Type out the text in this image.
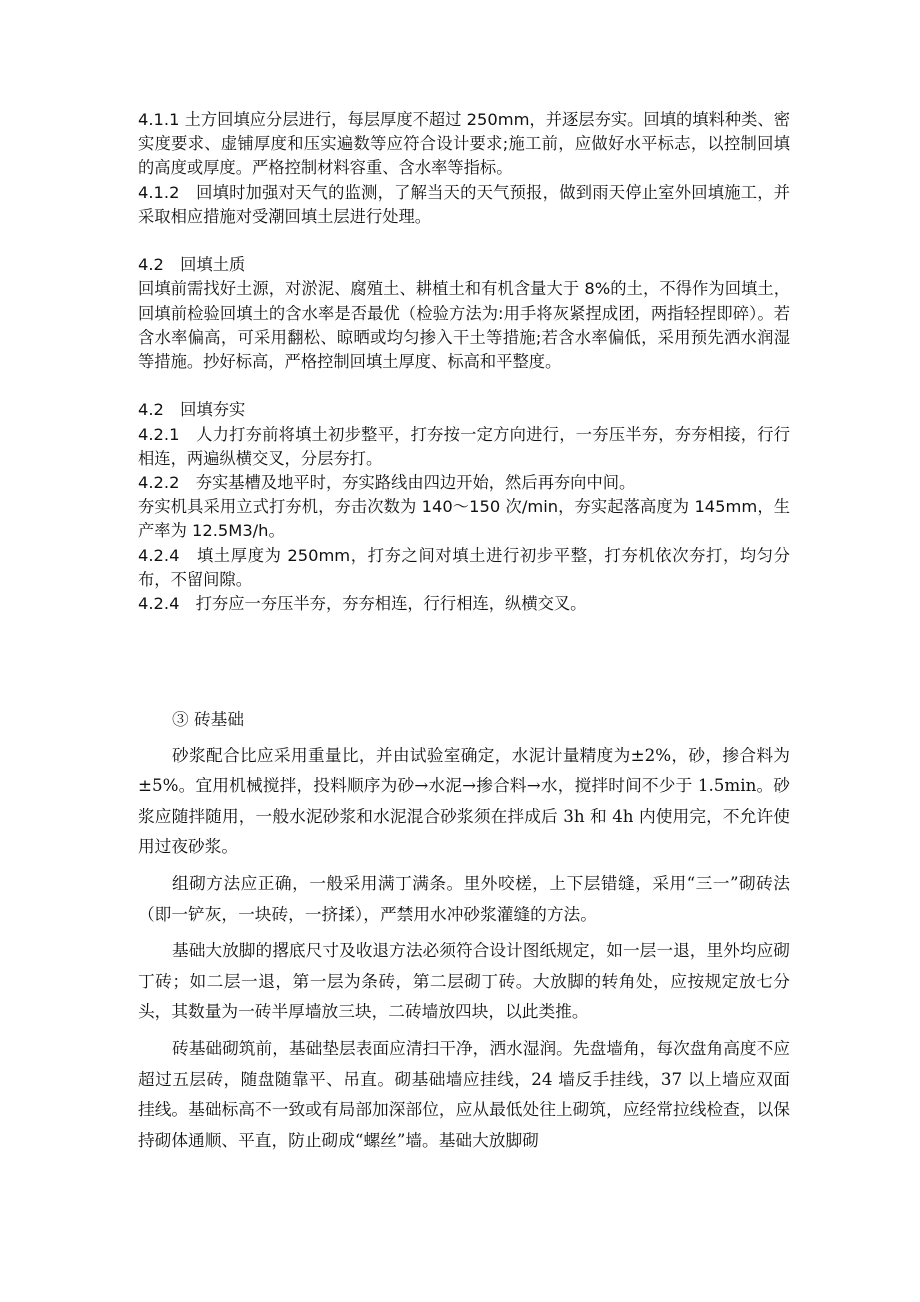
4.1.1 土方回填应分层进行，每层厚度不超过 250mm，并逐层夯实。回填的填料种类、密实度要求、虚铺厚度和压实遍数等应符合设计要求;施工前，应做好水平标志，以控制回填的高度或厚度。严格控制材料容重、含水率等指标。

4.1.2　回填时加强对天气的监测，了解当天的天气预报，做到雨天停止室外回填施工，并采取相应措施对受潮回填土层进行处理。

4.2　回填土质

回填前需找好土源，对淤泥、腐殖土、耕植土和有机含量大于 8%的土，不得作为回填土，回填前检验回填土的含水率是否最优（检验方法为:用手将灰紧捏成团，两指轻捏即碎）。若含水率偏高，可采用翻松、晾晒或均匀掺入干土等措施;若含水率偏低，采用预先洒水润湿等措施。抄好标高，严格控制回填土厚度、标高和平整度。

4.2　回填夯实

4.2.1　人力打夯前将填土初步整平，打夯按一定方向进行，一夯压半夯，夯夯相接，行行相连，两遍纵横交叉，分层夯打。

4.2.2　夯实基槽及地平时，夯实路线由四边开始，然后再夯向中间。

夯实机具采用立式打夯机，夯击次数为 140～150 次/min，夯实起落高度为 145mm，生产率为 12.5M3/h。

4.2.4　填土厚度为 250mm，打夯之间对填土进行初步平整，打夯机依次夯打，均匀分布，不留间隙。

4.2.4　打夯应一夯压半夯，夯夯相连，行行相连，纵横交叉。

③ 砖基础

砂浆配合比应采用重量比，并由试验室确定，水泥计量精度为±2%，砂，掺合料为±5%。宜用机械搅拌，投料顺序为砂→水泥→掺合料→水，搅拌时间不少于 1.5min。砂浆应随拌随用，一般水泥砂浆和水泥混合砂浆须在拌成后 3h 和 4h 内使用完，不允许使用过夜砂浆。

组砌方法应正确，一般采用满丁满条。里外咬槎，上下层错缝，采用“三一”砌砖法（即一铲灰，一块砖，一挤揉），严禁用水冲砂浆灌缝的方法。

基础大放脚的撂底尺寸及收退方法必须符合设计图纸规定，如一层一退，里外均应砌丁砖；如二层一退，第一层为条砖，第二层砌丁砖。大放脚的转角处，应按规定放七分头，其数量为一砖半厚墙放三块，二砖墙放四块，以此类推。

砖基础砌筑前，基础垫层表面应清扫干净，洒水湿润。先盘墙角，每次盘角高度不应超过五层砖，随盘随靠平、吊直。砌基础墙应挂线，24 墙反手挂线，37 以上墙应双面挂线。基础标高不一致或有局部加深部位，应从最低处往上砌筑，应经常拉线检查，以保持砌体通顺、平直，防止砌成“螺丝”墙。基础大放脚砌
